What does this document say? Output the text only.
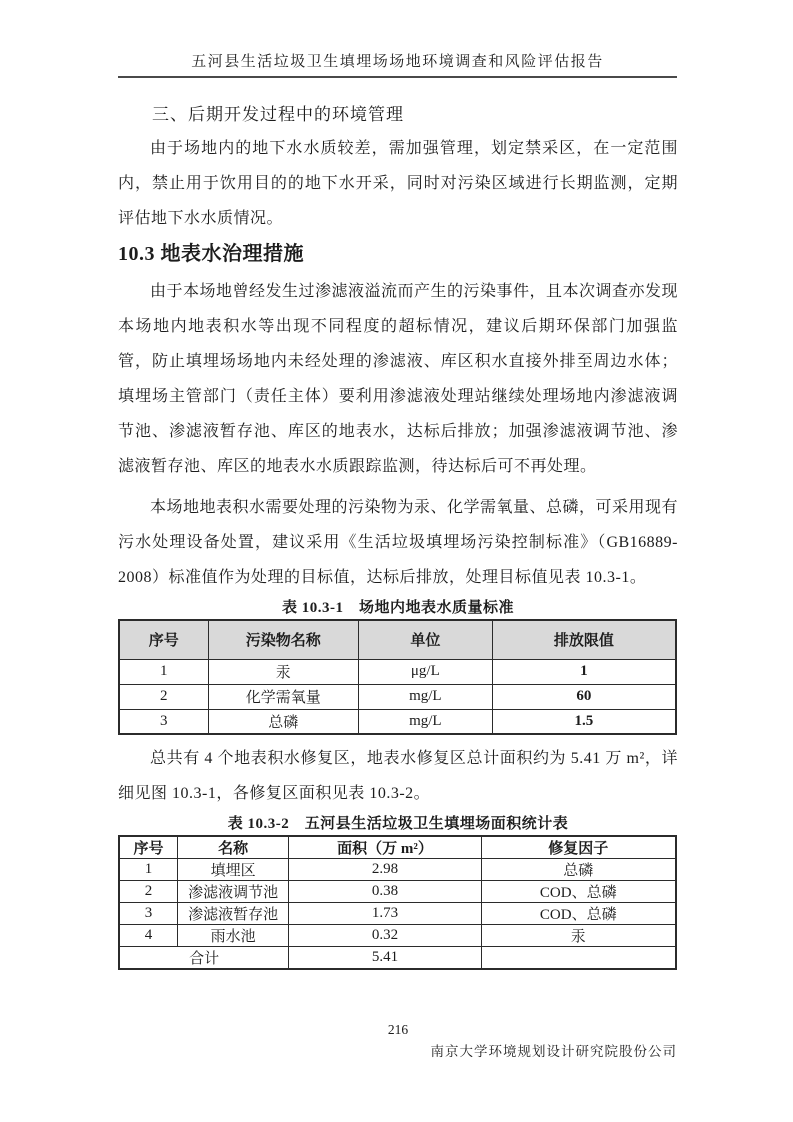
五河县生活垃圾卫生填埋场场地环境调查和风险评估报告
三、后期开发过程中的环境管理

由于场地内的地下水水质较差，需加强管理，划定禁采区，在一定范围内，禁止用于饮用目的的地下水开采，同时对污染区域进行长期监测，定期评估地下水水质情况。

10.3 地表水治理措施

由于本场地曾经发生过渗滤液溢流而产生的污染事件，且本次调查亦发现本场地内地表积水等出现不同程度的超标情况，建议后期环保部门加强监管，防止填埋场场地内未经处理的渗滤液、库区积水直接外排至周边水体；填埋场主管部门（责任主体）要利用渗滤液处理站继续处理场地内渗滤液调节池、渗滤液暂存池、库区的地表水，达标后排放；加强渗滤液调节池、渗滤液暂存池、库区的地表水水质跟踪监测，待达标后可不再处理。

本场地地表积水需要处理的污染物为汞、化学需氧量、总磷，可采用现有污水处理设备处置，建议采用《生活垃圾填埋场污染控制标准》（GB16889-2008）标准值作为处理的目标值，达标后排放，处理目标值见表 10.3-1。

表 10.3-1　场地内地表水质量标准
序号	污染物名称	单位	排放限值
1	汞	μg/L	1
2	化学需氧量	mg/L	60
3	总磷	mg/L	1.5

总共有 4 个地表积水修复区，地表水修复区总计面积约为 5.41 万 m²，详细见图 10.3-1，各修复区面积见表 10.3-2。

表 10.3-2　五河县生活垃圾卫生填埋场面积统计表
序号	名称	面积（万 m²）	修复因子
1	填埋区	2.98	总磷
2	渗滤液调节池	0.38	COD、总磷
3	渗滤液暂存池	1.73	COD、总磷
4	雨水池	0.32	汞
合计		5.41	
216
南京大学环境规划设计研究院股份公司
